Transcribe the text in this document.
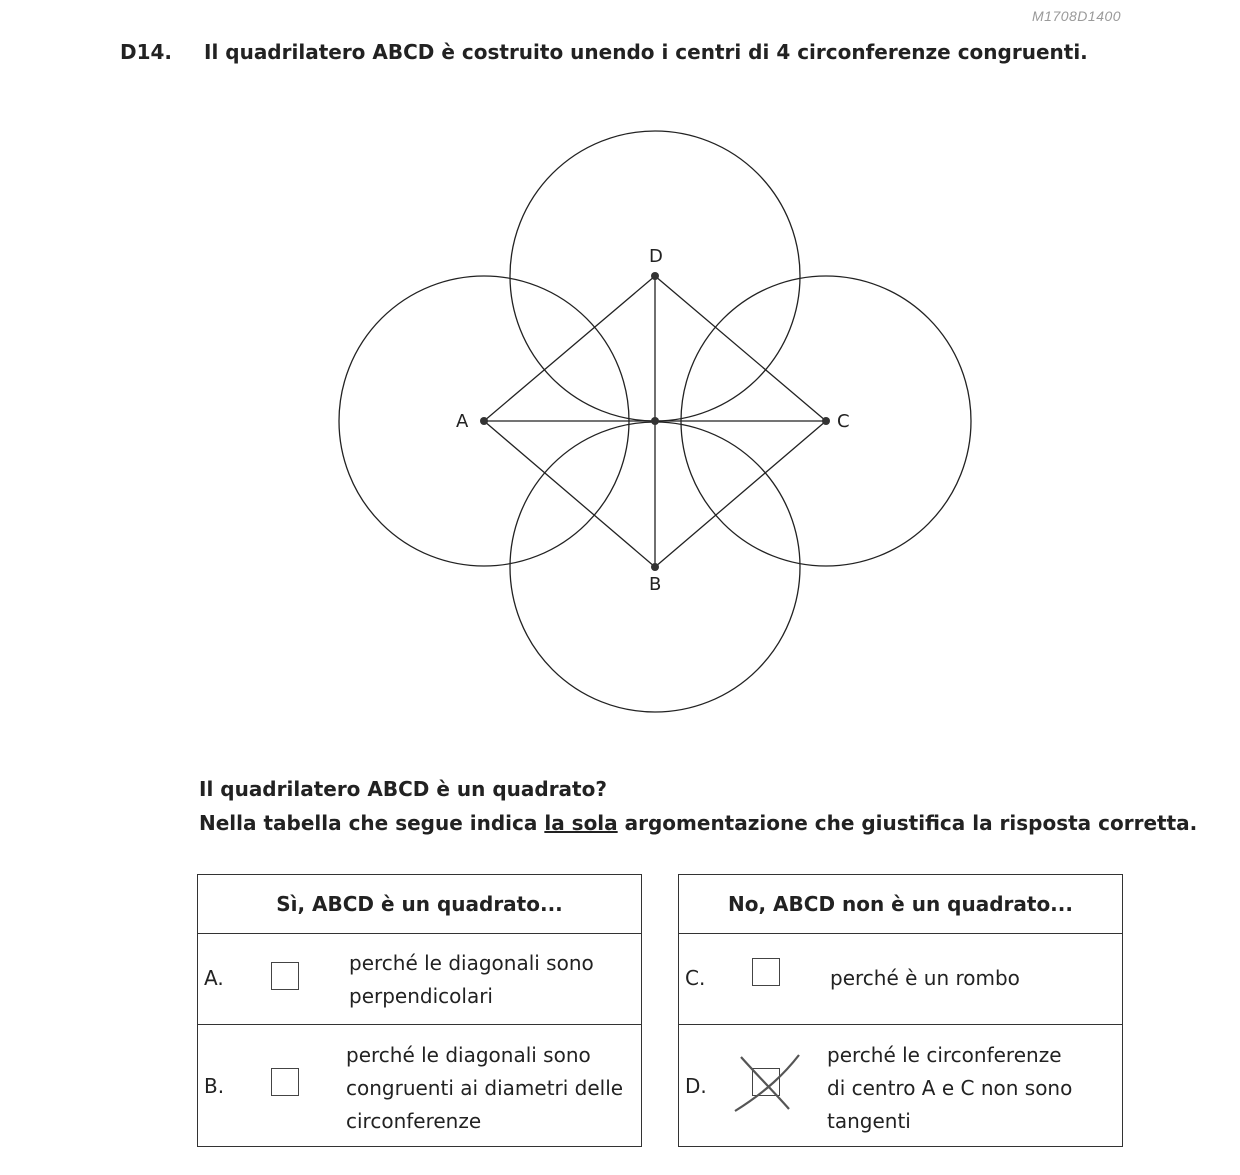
M1708D1400
D14. Il quadrilatero ABCD è costruito unendo i centri di 4 circonferenze congruenti.
A
B
C
D
Il quadrilatero ABCD è un quadrato?
Nella tabella che segue indica la sola argomentazione che giustifica la risposta corretta.
Sì, ABCD è un quadrato...
A.
perché le diagonali sono
perpendicolari
B.
perché le diagonali sono
congruenti ai diametri delle
circonferenze
No, ABCD non è un quadrato...
C.	perché è un rombo
D.
perché le circonferenze
di centro A e C non sono
tangenti
